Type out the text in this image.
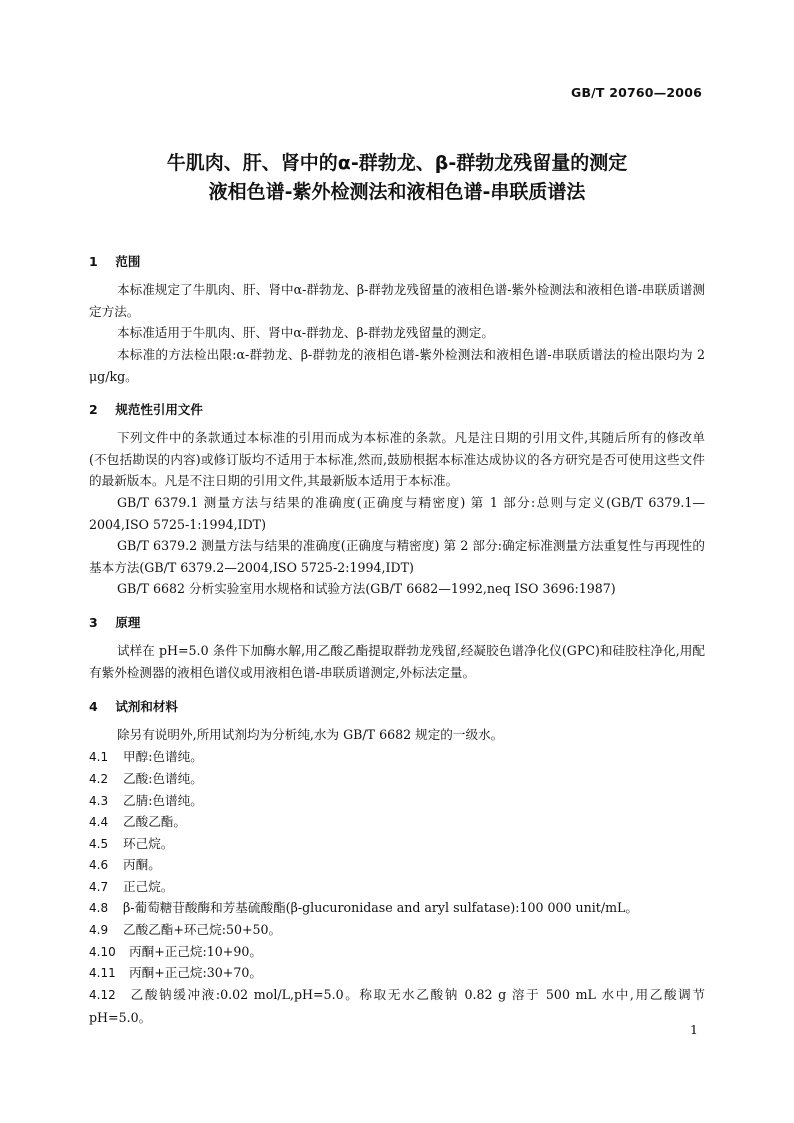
GB/T 20760—2006
牛肌肉、肝、肾中的α-群勃龙、β-群勃龙残留量的测定
液相色谱-紫外检测法和液相色谱-串联质谱法
1 范围
本标准规定了牛肌肉、肝、肾中α-群勃龙、β-群勃龙残留量的液相色谱-紫外检测法和液相色谱-串联质谱测定方法。
本标准适用于牛肌肉、肝、肾中α-群勃龙、β-群勃龙残留量的测定。
本标准的方法检出限:α-群勃龙、β-群勃龙的液相色谱-紫外检测法和液相色谱-串联质谱法的检出限均为 2 μg/kg。
2 规范性引用文件
下列文件中的条款通过本标准的引用而成为本标准的条款。凡是注日期的引用文件,其随后所有的修改单(不包括勘误的内容)或修订版均不适用于本标准,然而,鼓励根据本标准达成协议的各方研究是否可使用这些文件的最新版本。凡是不注日期的引用文件,其最新版本适用于本标准。
GB/T 6379.1 测量方法与结果的准确度(正确度与精密度) 第 1 部分:总则与定义(GB/T 6379.1—2004,ISO 5725-1:1994,IDT)
GB/T 6379.2 测量方法与结果的准确度(正确度与精密度) 第 2 部分:确定标准测量方法重复性与再现性的基本方法(GB/T 6379.2—2004,ISO 5725-2:1994,IDT)
GB/T 6682 分析实验室用水规格和试验方法(GB/T 6682—1992,neq ISO 3696:1987)
3 原理
试样在 pH=5.0 条件下加酶水解,用乙酸乙酯提取群勃龙残留,经凝胶色谱净化仪(GPC)和硅胶柱净化,用配有紫外检测器的液相色谱仪或用液相色谱-串联质谱测定,外标法定量。
4 试剂和材料
除另有说明外,所用试剂均为分析纯,水为 GB/T 6682 规定的一级水。
4.1 甲醇:色谱纯。
4.2 乙酸:色谱纯。
4.3 乙腈:色谱纯。
4.4 乙酸乙酯。
4.5 环己烷。
4.6 丙酮。
4.7 正己烷。
4.8 β-葡萄糖苷酸酶和芳基硫酸酯(β-glucuronidase and aryl sulfatase):100 000 unit/mL。
4.9 乙酸乙酯+环己烷:50+50。
4.10 丙酮+正己烷:10+90。
4.11 丙酮+正己烷:30+70。
4.12 乙酸钠缓冲液:0.02 mol/L,pH=5.0。称取无水乙酸钠 0.82 g 溶于 500 mL 水中,用乙酸调节 pH=5.0。
1
